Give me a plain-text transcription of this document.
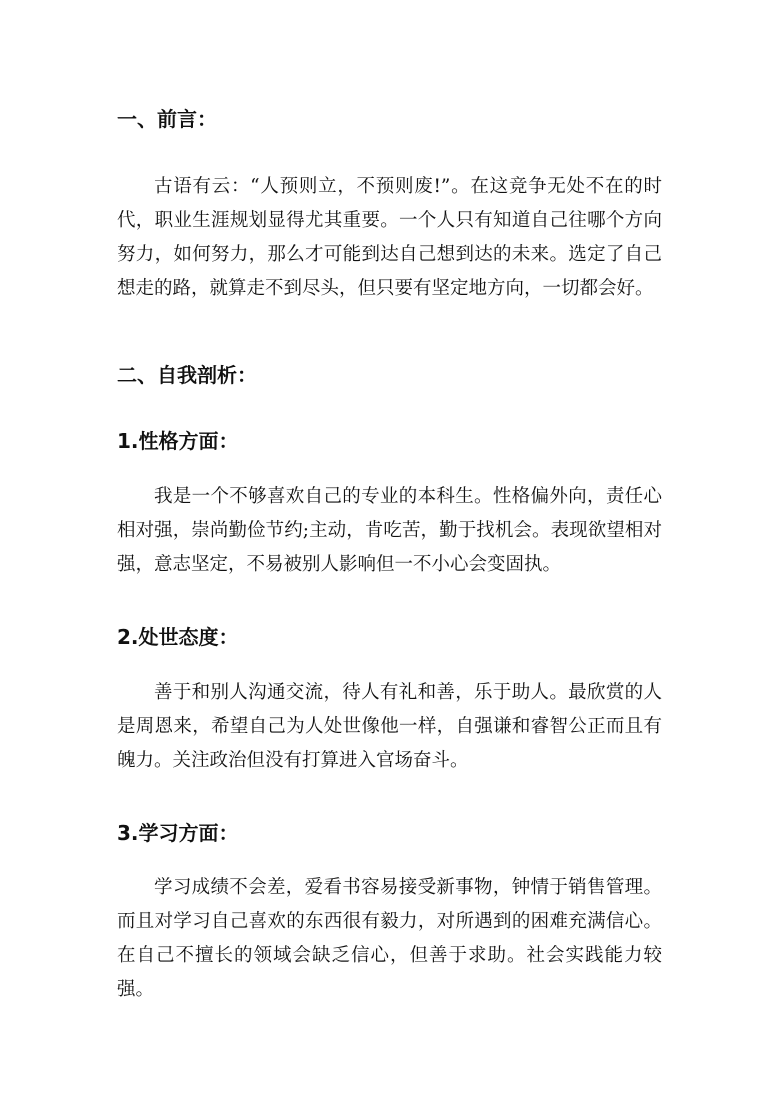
一、前言：

古语有云：“人预则立，不预则废!”。在这竞争无处不在的时代，职业生涯规划显得尤其重要。一个人只有知道自己往哪个方向努力，如何努力，那么才可能到达自己想到达的未来。选定了自己想走的路，就算走不到尽头，但只要有坚定地方向，一切都会好。

二、自我剖析：
1.性格方面：

我是一个不够喜欢自己的专业的本科生。性格偏外向，责任心相对强，崇尚勤俭节约;主动，肯吃苦，勤于找机会。表现欲望相对强，意志坚定，不易被别人影响但一不小心会变固执。

2.处世态度：

善于和别人沟通交流，待人有礼和善，乐于助人。最欣赏的人是周恩来，希望自己为人处世像他一样，自强谦和睿智公正而且有魄力。关注政治但没有打算进入官场奋斗。

3.学习方面：

学习成绩不会差，爱看书容易接受新事物，钟情于销售管理。而且对学习自己喜欢的东西很有毅力，对所遇到的困难充满信心。在自己不擅长的领域会缺乏信心，但善于求助。社会实践能力较强。
